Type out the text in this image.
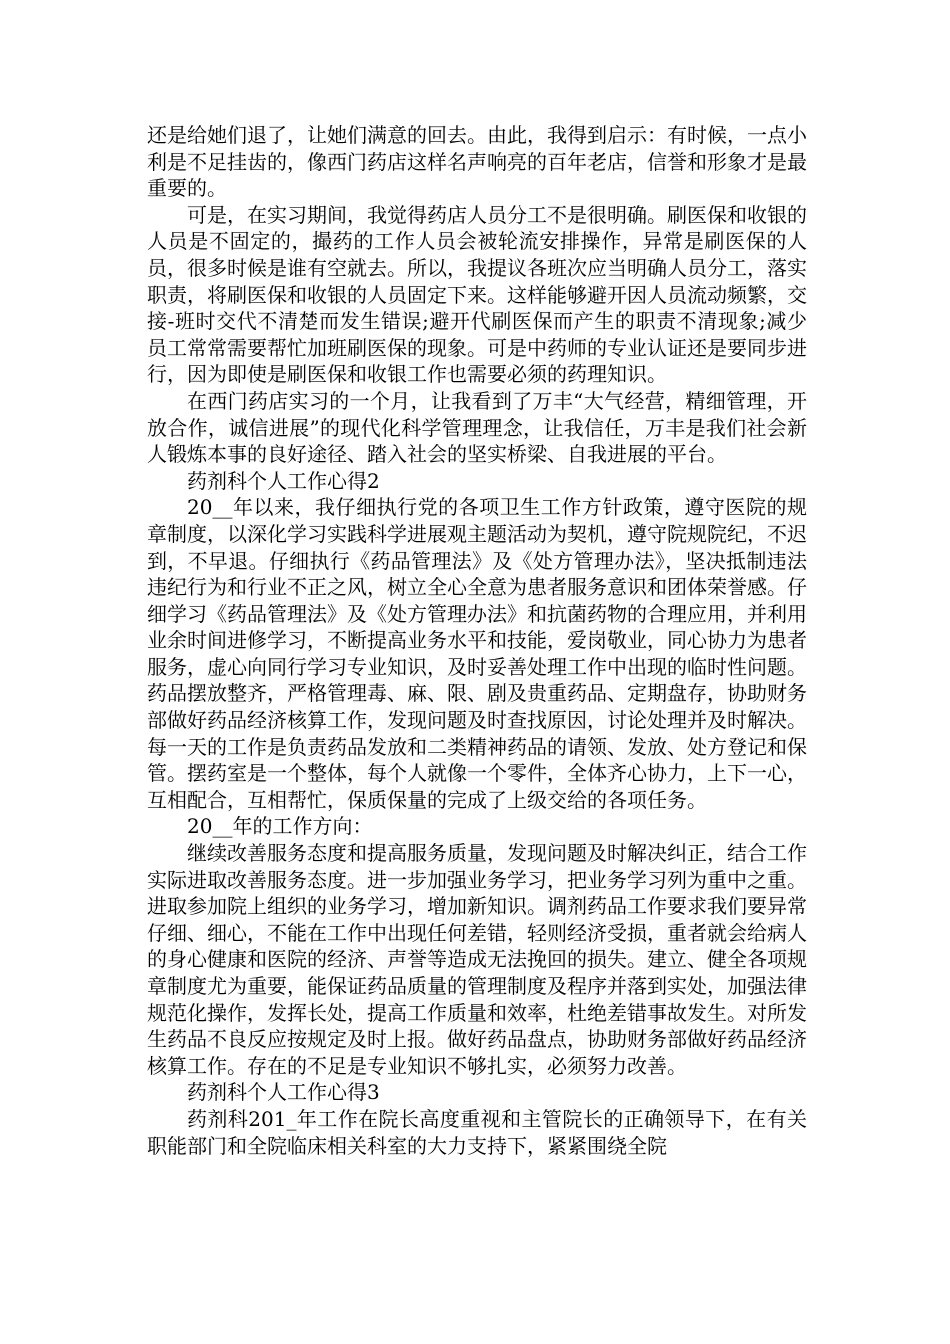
还是给她们退了，让她们满意的回去。由此，我得到启示：有时候，一点小利是不足挂齿的，像西门药店这样名声响亮的百年老店，信誉和形象才是最重要的。

可是，在实习期间，我觉得药店人员分工不是很明确。刷医保和收银的人员是不固定的，撮药的工作人员会被轮流安排操作，异常是刷医保的人员，很多时候是谁有空就去。所以，我提议各班次应当明确人员分工，落实职责，将刷医保和收银的人员固定下来。这样能够避开因人员流动频繁，交接-班时交代不清楚而发生错误;避开代刷医保而产生的职责不清现象;减少员工常常需要帮忙加班刷医保的现象。可是中药师的专业认证还是要同步进行，因为即使是刷医保和收银工作也需要必须的药理知识。

在西门药店实习的一个月，让我看到了万丰“大气经营，精细管理，开放合作，诚信进展”的现代化科学管理理念，让我信任，万丰是我们社会新人锻炼本事的良好途径、踏入社会的坚实桥梁、自我进展的平台。

药剂科个人工作心得2

20__年以来，我仔细执行党的各项卫生工作方针政策，遵守医院的规章制度，以深化学习实践科学进展观主题活动为契机，遵守院规院纪，不迟到，不早退。仔细执行《药品管理法》及《处方管理办法》，坚决抵制违法违纪行为和行业不正之风，树立全心全意为患者服务意识和团体荣誉感。仔细学习《药品管理法》及《处方管理办法》和抗菌药物的合理应用，并利用业余时间进修学习，不断提高业务水平和技能，爱岗敬业，同心协力为患者服务，虚心向同行学习专业知识，及时妥善处理工作中出现的临时性问题。药品摆放整齐，严格管理毒、麻、限、剧及贵重药品、定期盘存，协助财务部做好药品经济核算工作，发现问题及时查找原因，讨论处理并及时解决。每一天的工作是负责药品发放和二类精神药品的请领、发放、处方登记和保管。摆药室是一个整体，每个人就像一个零件，全体齐心协力，上下一心，互相配合，互相帮忙，保质保量的完成了上级交给的各项任务。

20__年的工作方向：

继续改善服务态度和提高服务质量，发现问题及时解决纠正，结合工作实际进取改善服务态度。进一步加强业务学习，把业务学习列为重中之重。进取参加院上组织的业务学习，增加新知识。调剂药品工作要求我们要异常仔细、细心，不能在工作中出现任何差错，轻则经济受损，重者就会给病人的身心健康和医院的经济、声誉等造成无法挽回的损失。建立、健全各项规章制度尤为重要，能保证药品质量的管理制度及程序并落到实处，加强法律规范化操作，发挥长处，提高工作质量和效率，杜绝差错事故发生。对所发生药品不良反应按规定及时上报。做好药品盘点，协助财务部做好药品经济核算工作。存在的不足是专业知识不够扎实，必须努力改善。

药剂科个人工作心得3

药剂科201_年工作在院长高度重视和主管院长的正确领导下，在有关职能部门和全院临床相关科室的大力支持下，紧紧围绕全院
